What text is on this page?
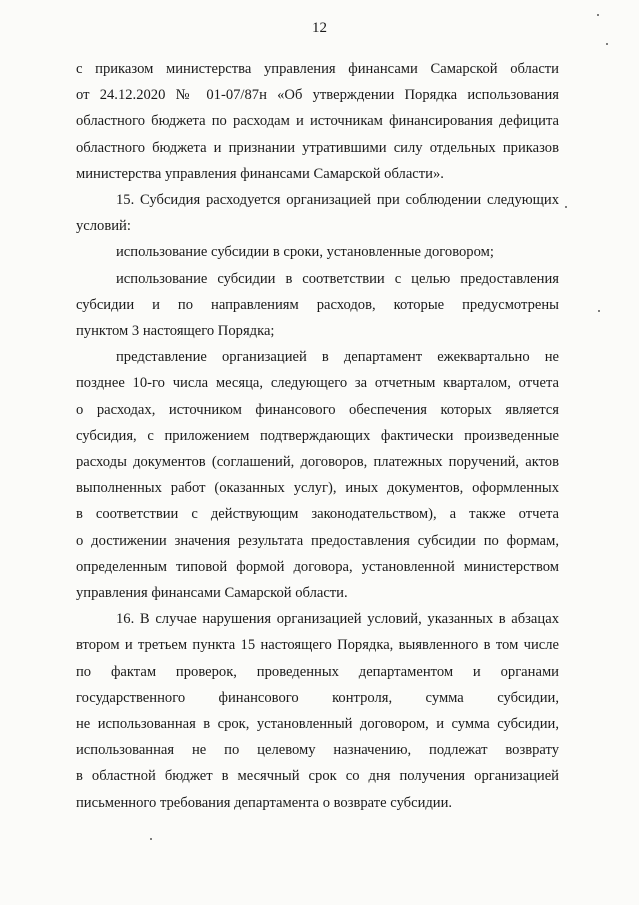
12
с приказом министерства управления финансами Самарской области
от 24.12.2020 № 01-07/87н «Об утверждении Порядка использования
областного бюджета по расходам и источникам финансирования дефицита
областного бюджета и признании утратившими силу отдельных приказов
министерства управления финансами Самарской области».
15. Субсидия расходуется организацией при соблюдении следующих
условий:
использование субсидии в сроки, установленные договором;
использование субсидии в соответствии с целью предоставления
субсидии и по направлениям расходов, которые предусмотрены
пунктом 3 настоящего Порядка;
представление организацией в департамент ежеквартально не
позднее 10-го числа месяца, следующего за отчетным кварталом, отчета
о расходах, источником финансового обеспечения которых является
субсидия, с приложением подтверждающих фактически произведенные
расходы документов (соглашений, договоров, платежных поручений, актов
выполненных работ (оказанных услуг), иных документов, оформленных
в соответствии с действующим законодательством), а также отчета
о достижении значения результата предоставления субсидии по формам,
определенным типовой формой договора, установленной министерством
управления финансами Самарской области.
16. В случае нарушения организацией условий, указанных в абзацах
втором и третьем пункта 15 настоящего Порядка, выявленного в том числе
по фактам проверок, проведенных департаментом и органами
государственного финансового контроля, сумма субсидии,
не использованная в срок, установленный договором, и сумма субсидии,
использованная не по целевому назначению, подлежат возврату
в областной бюджет в месячный срок со дня получения организацией
письменного требования департамента о возврате субсидии.
